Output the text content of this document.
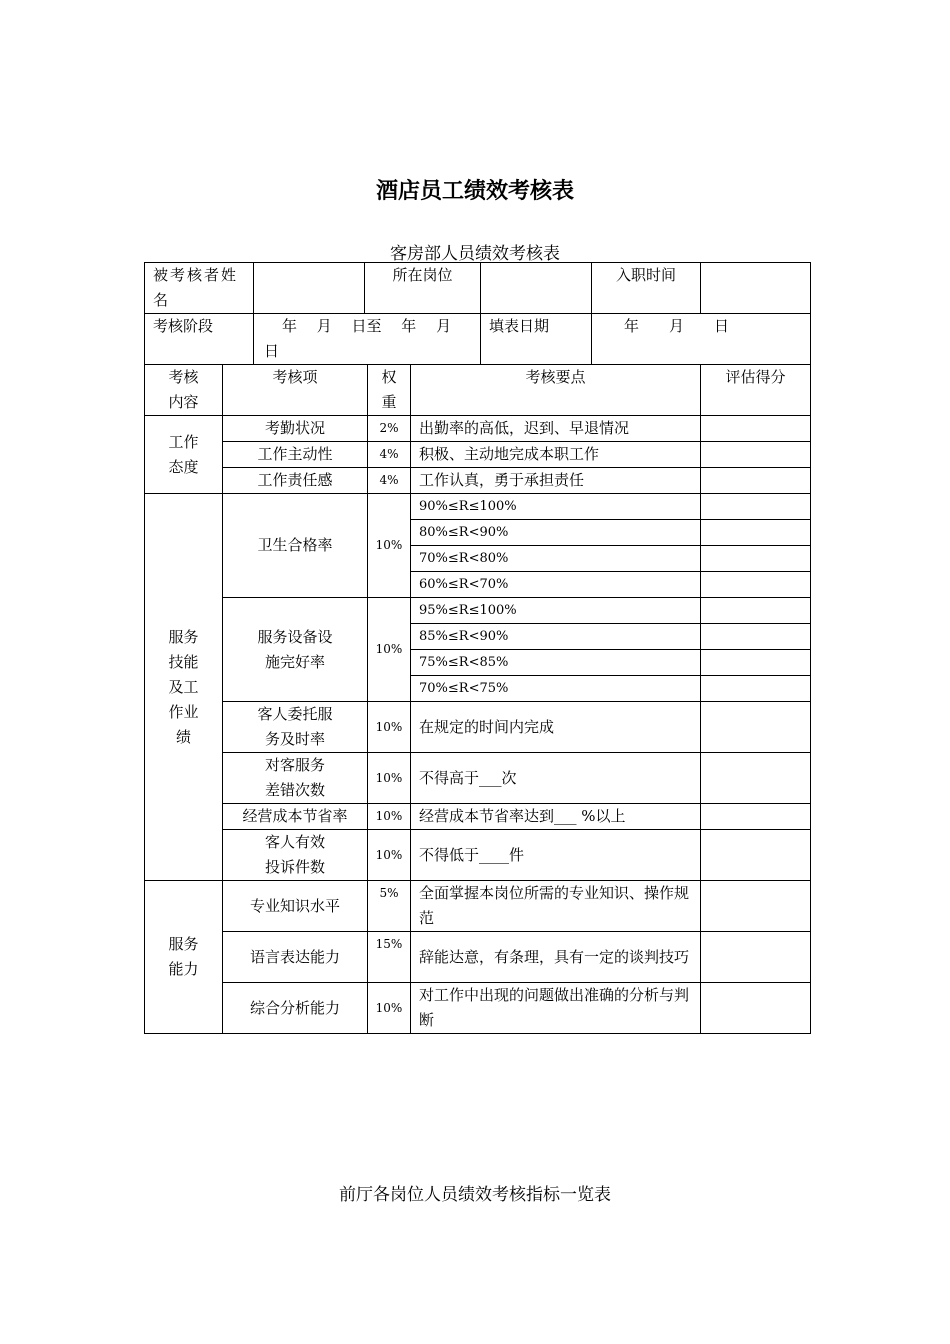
酒店员工绩效考核表
客房部人员绩效考核表
被考核者姓名		所在岗位		入职时间	
考核阶段	年　 月　 日至　 年　 月　日		填表日期	年　　月　　日	
考核内容	考核项	权重	考核要点	评估得分

工作态度	考勤状况	2%	出勤率的高低，迟到、早退情况	
	工作主动性	4%	积极、主动地完成本职工作	
	工作责任感	4%	工作认真，勇于承担责任	

服务技能及工作业绩	卫生合格率	10%	90%≤R≤100%	
			80%≤R<90%	
			70%≤R<80%	
			60%≤R<70%	

	服务设备设施完好率	10%	95%≤R≤100%	
			85%≤R<90%	
			75%≤R<85%	
			70%≤R<75%	

	客人委托服务及时率	10%	在规定的时间内完成	

	对客服务差错次数	10%	不得高于___次	
	经营成本节省率	10%	经营成本节省率达到___ %以上	

	客人有效投诉件数	10%	不得低于____件	

服务能力	专业知识水平	5%	全面掌握本岗位所需的专业知识、操作规范	
	语言表达能力	15%	辞能达意，有条理，具有一定的谈判技巧	
	综合分析能力	10%	对工作中出现的问题做出准确的分析与判断	
前厅各岗位人员绩效考核指标一览表
